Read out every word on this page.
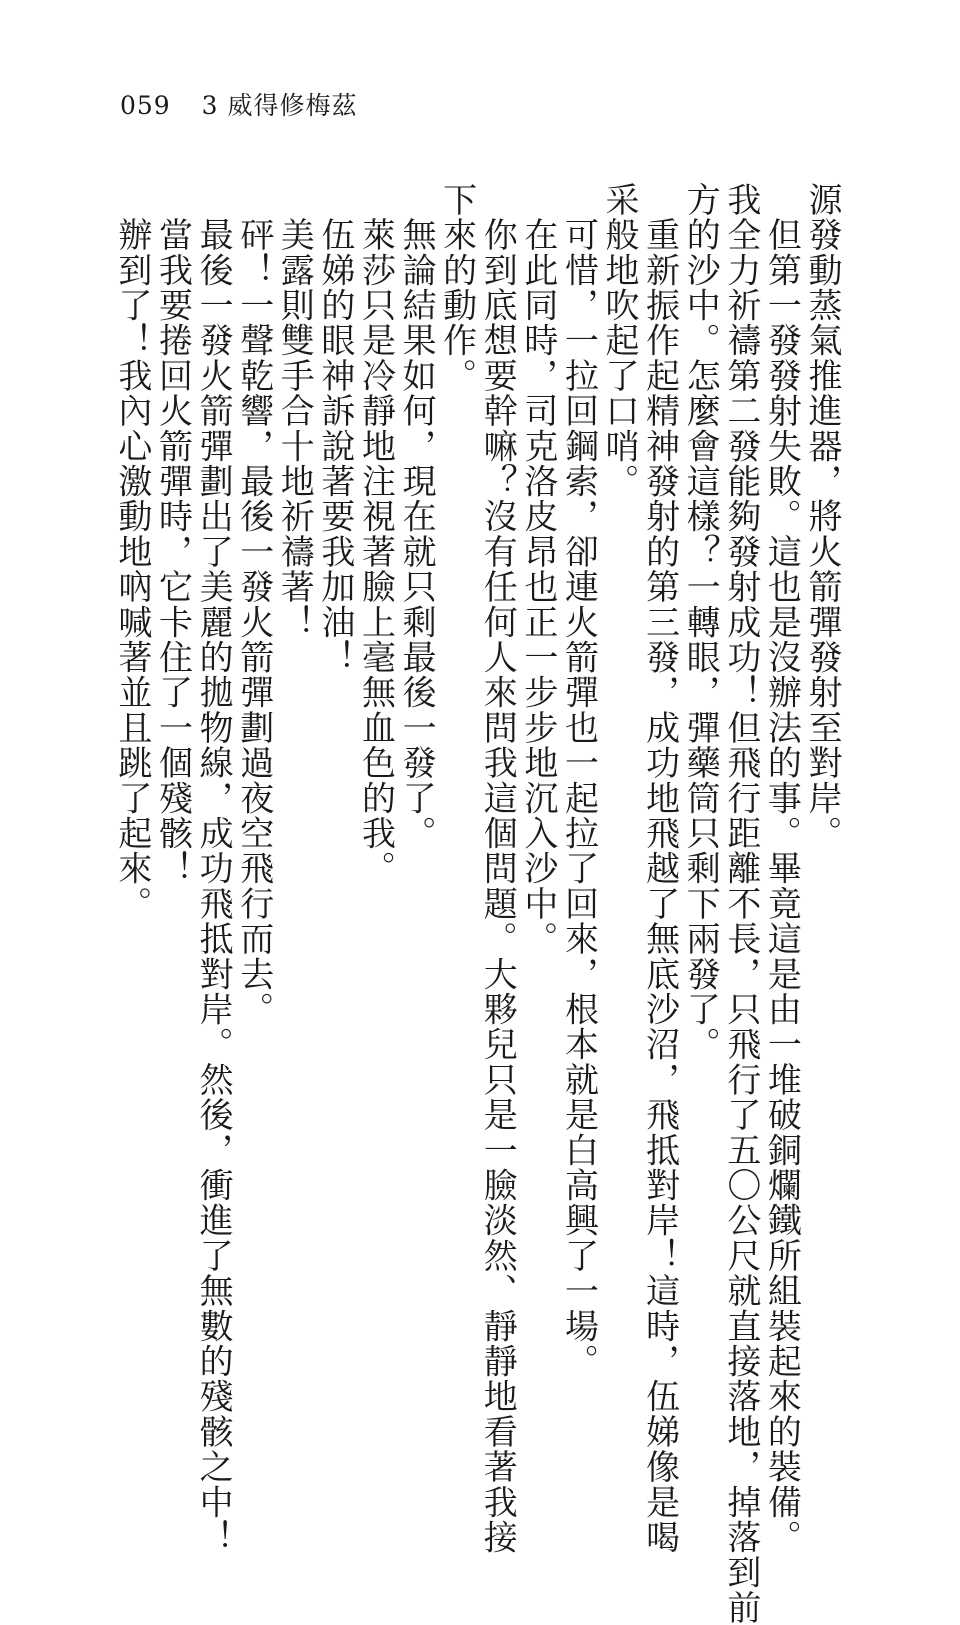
059 3 威得修梅茲

源發動蒸氣推進器，將火箭彈發射至對岸。

　但第一發發射失敗。這也是沒辦法的事。畢竟這是由一堆破銅爛鐵所組裝起來的裝備。

我全力祈禱第二發能夠發射成功！但飛行距離不長，只飛行了五〇公尺就直接落地，掉落到前

方的沙中。怎麼會這樣？一轉眼，彈藥筒只剩下兩發了。

　重新振作起精神發射的第三發，成功地飛越了無底沙沼，飛抵對岸！這時，伍娣像是喝

采般地吹起了口哨。

　可惜，一拉回鋼索，卻連火箭彈也一起拉了回來，根本就是白高興了一場。

　在此同時，司克洛皮昂也正一步步地沉入沙中。

　你到底想要幹嘛？沒有任何人來問我這個問題。大夥兒只是一臉淡然、靜靜地看著我接

下來的動作。

　無論結果如何，現在就只剩最後一發了。

　萊莎只是冷靜地注視著臉上毫無血色的我。

　伍娣的眼神訴說著要我加油！

　美露則雙手合十地祈禱著！

　砰！一聲乾響，最後一發火箭彈劃過夜空飛行而去。

　最後一發火箭彈劃出了美麗的拋物線，成功飛抵對岸。然後，衝進了無數的殘骸之中！

　當我要捲回火箭彈時，它卡住了一個殘骸！

　辦到了！我內心激動地吶喊著並且跳了起來。
